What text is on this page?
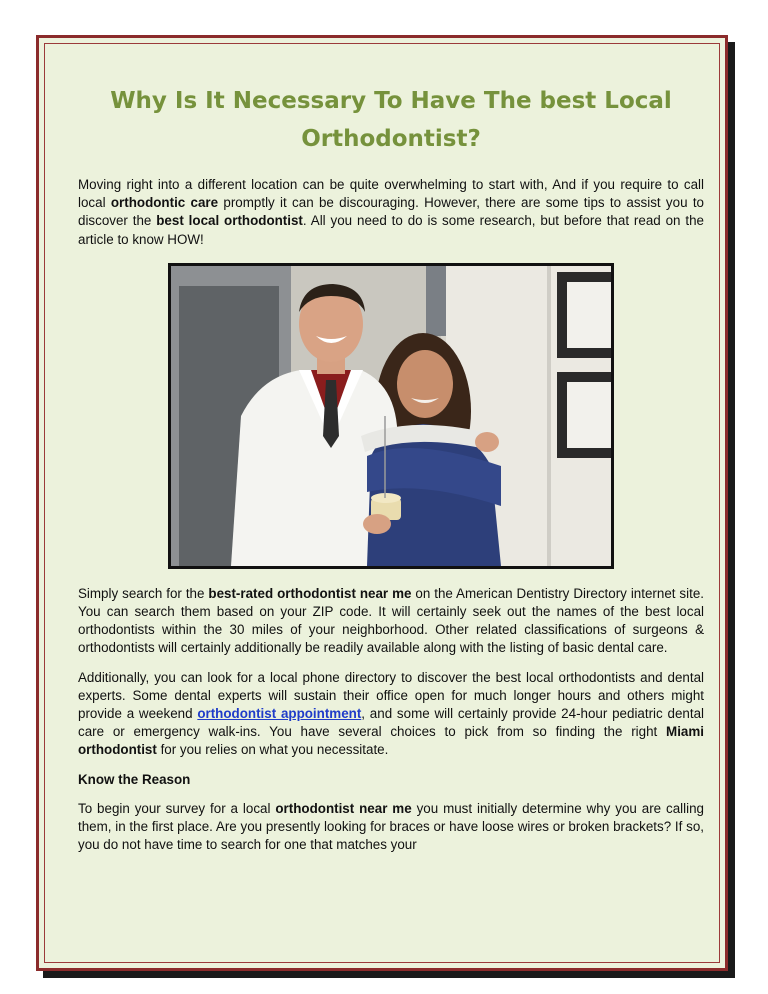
Why Is It Necessary To Have The best Local Orthodontist?

Moving right into a different location can be quite overwhelming to start with, And if you require to call local orthodontic care promptly it can be discouraging. However, there are some tips to assist you to discover the best local orthodontist. All you need to do is some research, but before that read on the article to know HOW!

Simply search for the best-rated orthodontist near me on the American Dentistry Directory internet site. You can search them based on your ZIP code. It will certainly seek out the names of the best local orthodontists within the 30 miles of your neighborhood. Other related classifications of surgeons & orthodontists will certainly additionally be readily available along with the listing of basic dental care.

Additionally, you can look for a local phone directory to discover the best local orthodontists and dental experts. Some dental experts will sustain their office open for much longer hours and others might provide a weekend orthodontist appointment, and some will certainly provide 24-hour pediatric dental care or emergency walk-ins. You have several choices to pick from so finding the right Miami orthodontist for you relies on what you necessitate.

Know the Reason

To begin your survey for a local orthodontist near me you must initially determine why you are calling them, in the first place. Are you presently looking for braces or have loose wires or broken brackets? If so, you do not have time to search for one that matches your
